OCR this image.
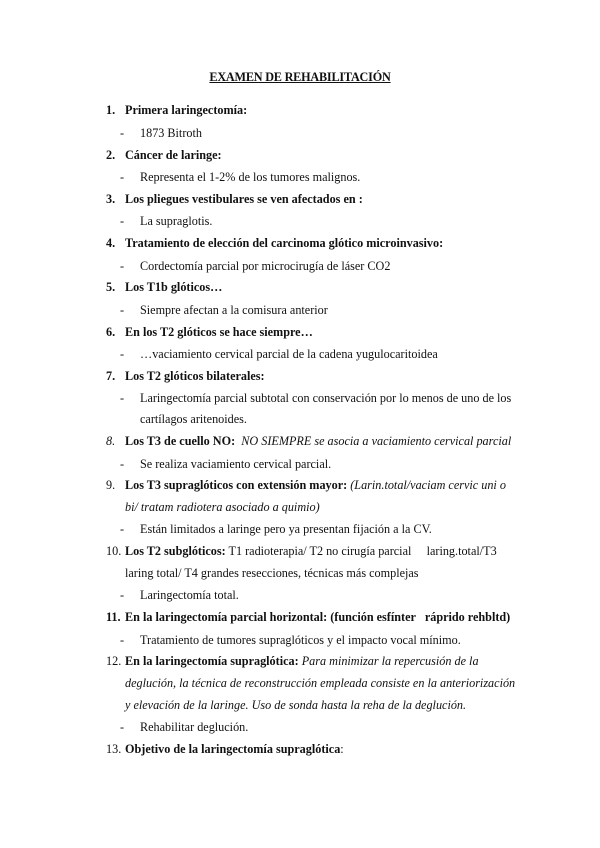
EXAMEN DE REHABILITACIÓN
1. Primera laringectomía:
- 1873 Bitroth
2. Cáncer de laringe:
- Representa el 1-2% de los tumores malignos.
3. Los pliegues vestibulares se ven afectados en :
- La supraglotis.
4. Tratamiento de elección del carcinoma glótico microinvasivo:
- Cordectomía parcial por microcirugía de láser CO2
5. Los T1b glóticos…
- Siempre afectan a la comisura anterior
6. En los T2 glóticos se hace siempre…
- …vaciamiento cervical parcial de la cadena yugulocaritoidea
7. Los T2 glóticos bilaterales:
- Laringectomía parcial subtotal con conservación por lo menos de uno de los
cartílagos aritenoides.
8. Los T3 de cuello NO: NO SIEMPRE se asocia a vaciamiento cervical parcial
- Se realiza vaciamiento cervical parcial.
9. Los T3 supraglóticos con extensión mayor: (Larin.total/vaciam cervic uni o
bi/ tratam radiotera asociado a quimio)
- Están limitados a laringe pero ya presentan fijación a la CV.
10. Los T2 subglóticos: T1 radioterapia/ T2 no cirugía parcial     laring.total/T3
laring total/ T4 grandes resecciones, técnicas más complejas
- Laringectomía total.
11. En la laringectomía parcial horizontal: (función esfínter   ráprido rehbltd)
- Tratamiento de tumores supraglóticos y el impacto vocal mínimo.
12. En la laringectomía supraglótica: Para minimizar la repercusión de la
deglución, la técnica de reconstrucción empleada consiste en la anteriorización
y elevación de la laringe. Uso de sonda hasta la reha de la deglución.
- Rehabilitar deglución.
13. Objetivo de la laringectomía supraglótica:
